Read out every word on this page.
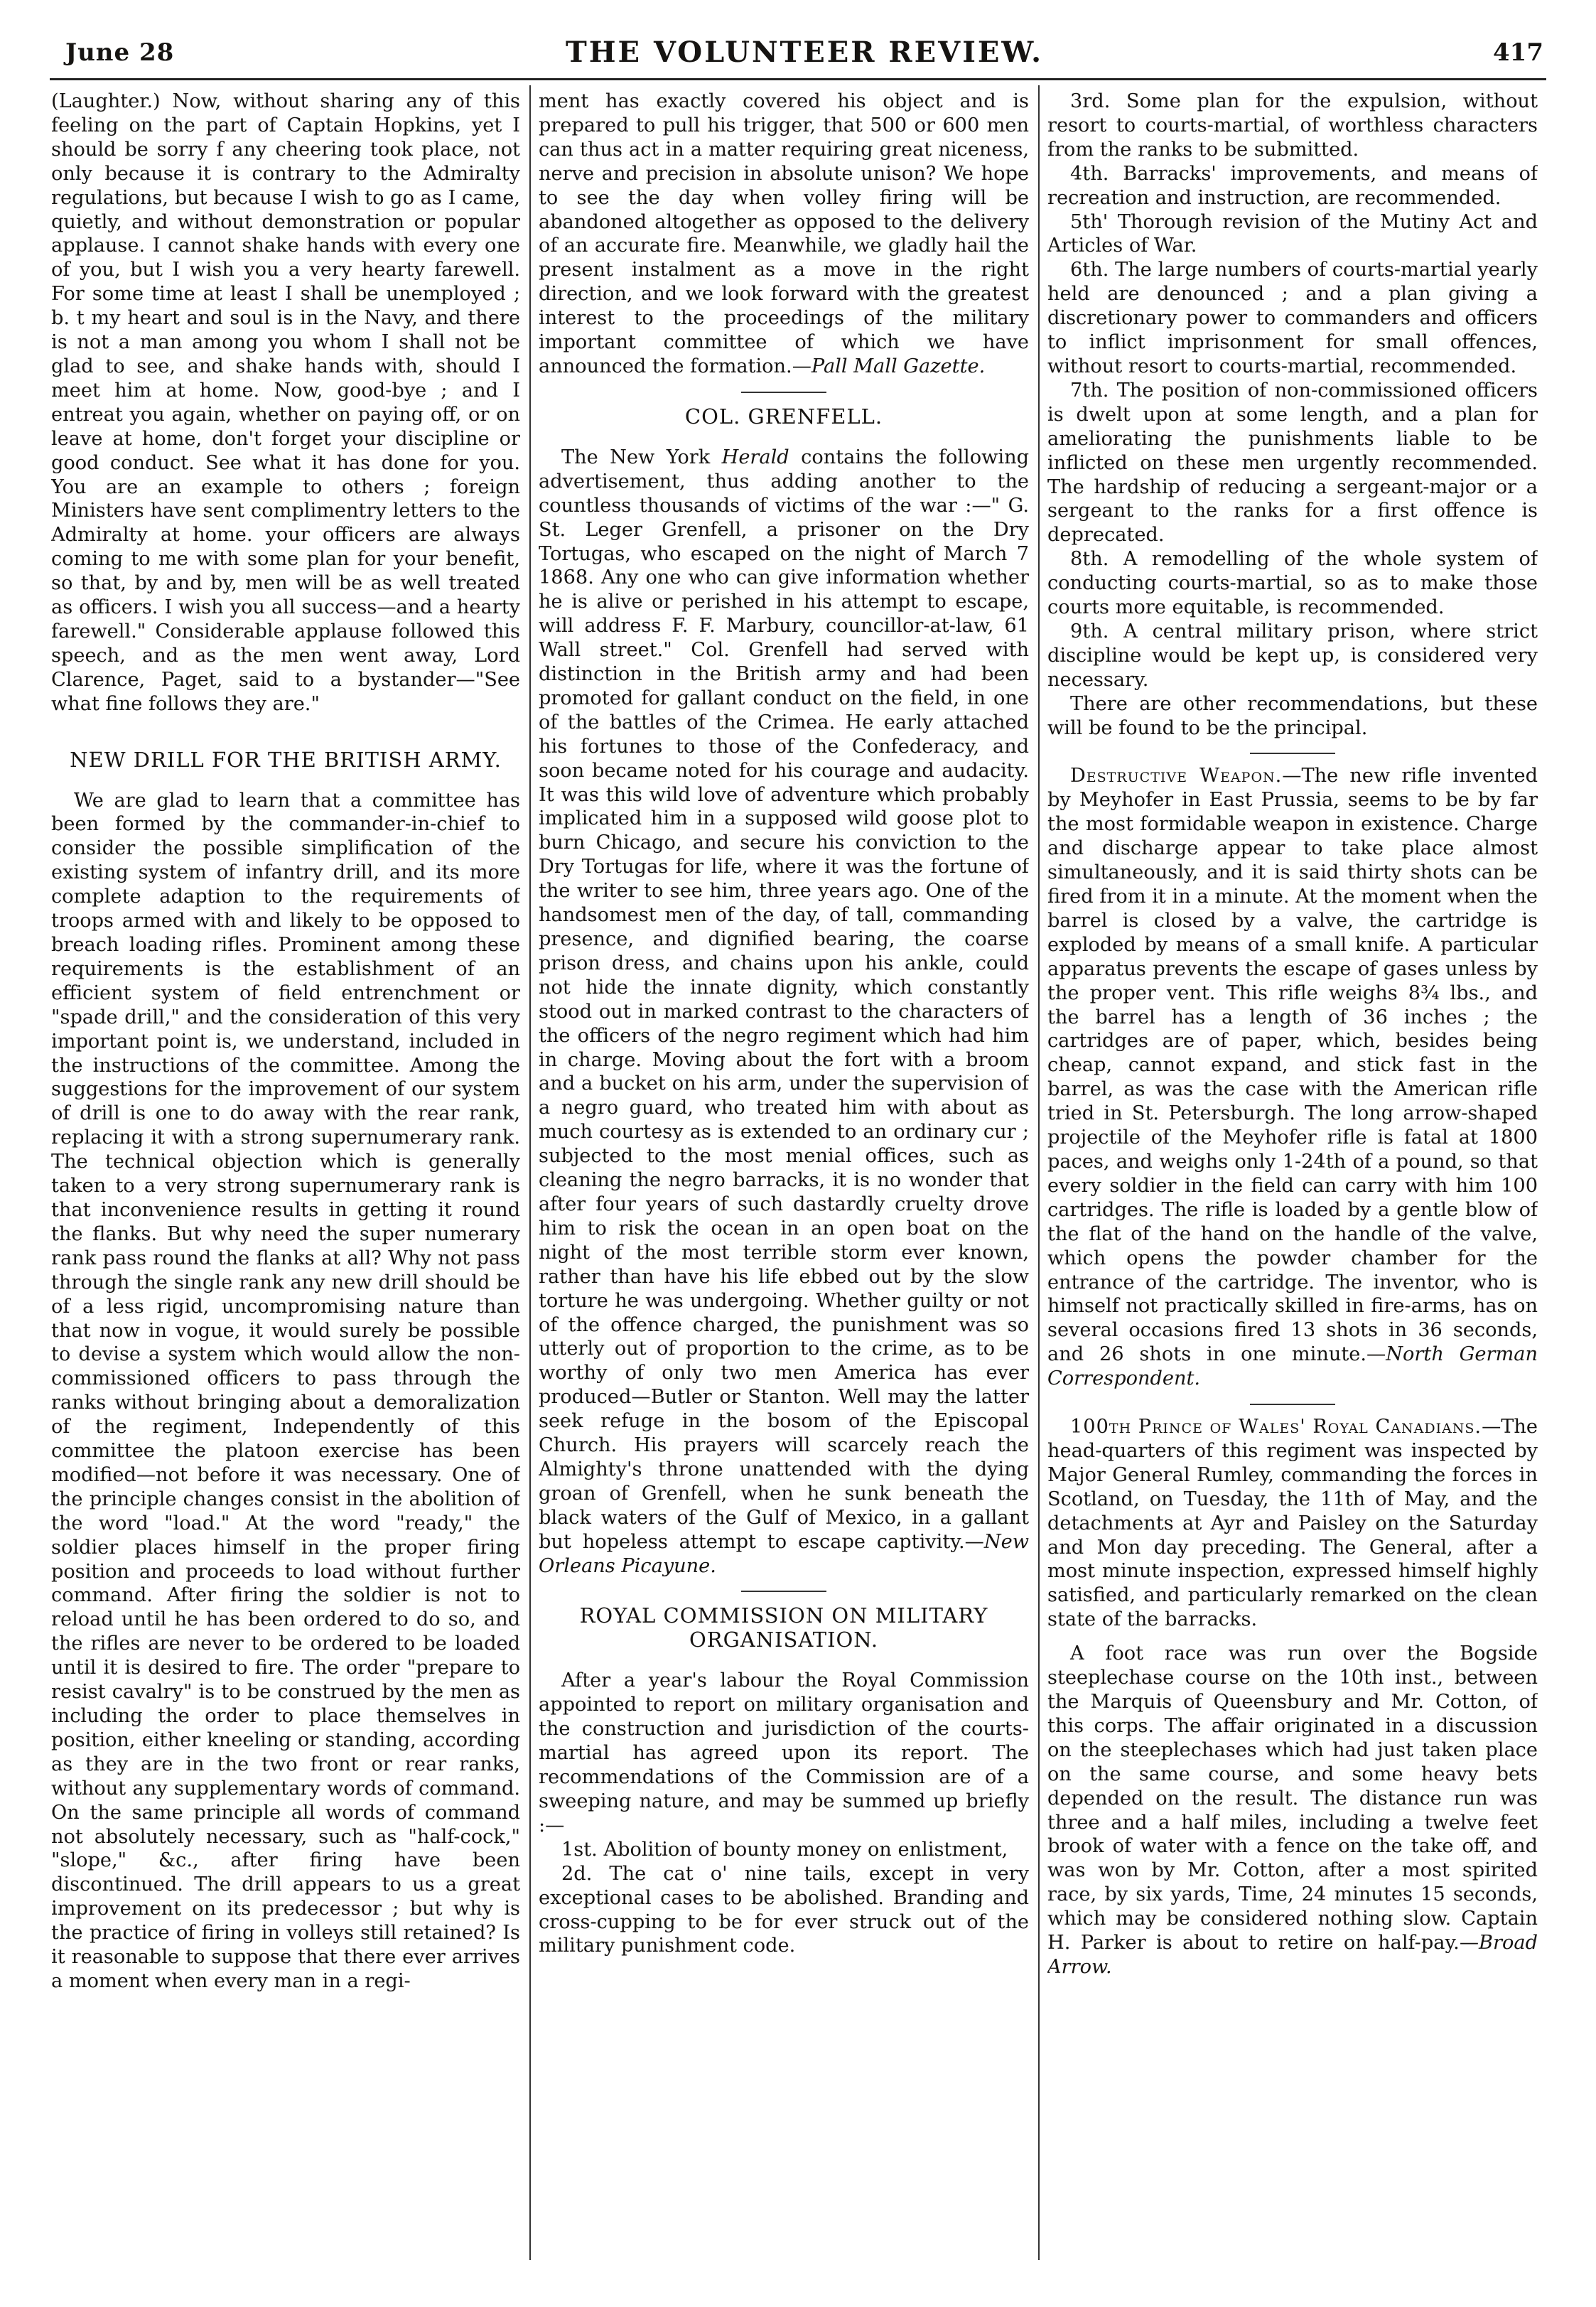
June 28	THE VOLUNTEER REVIEW.	417

(Laughter.) Now, without sharing any of this feeling on the part of Captain Hopkins, yet I should be sorry f any cheering took place, not only because it is contrary to the Admiralty regulations, but because I wish to go as I came, quietly, and without demonstration or popular applause. I cannot shake hands with every one of you, but I wish you a very hearty farewell. For some time at least I shall be unemployed ; b. t my heart and soul is in the Navy, and there is not a man among you whom I shall not be glad to see, and shake hands with, should I meet him at home. Now, good-bye ; and I entreat you again, whether on paying off, or on leave at home, don't forget your discipline or good conduct. See what it has done for you. You are an example to others ; foreign Ministers have sent complimentry letters to the Admiralty at home. your officers are always coming to me with some plan for your benefit, so that, by and by, men will be as well treated as officers. I wish you all success—and a hearty farewell." Considerable applause followed this speech, and as the men went away, Lord Clarence, Paget, said to a bystander—"See what fine follows they are."

NEW DRILL FOR THE BRITISH ARMY.

We are glad to learn that a committee has been formed by the commander-in-chief to consider the possible simplification of the existing system of infantry drill, and its more complete adaption to the requirements of troops armed with and likely to be opposed to breach loading rifles. Prominent among these requirements is the establishment of an efficient system of field entrenchment or "spade drill," and the consideration of this very important point is, we understand, included in the instructions of the committee. Among the suggestions for the improvement of our system of drill is one to do away with the rear rank, replacing it with a strong supernumerary rank. The technical objection which is generally taken to a very strong supernumerary rank is that inconvenience results in getting it round the flanks. But why need the super numerary rank pass round the flanks at all? Why not pass through the single rank any new drill should be of a less rigid, uncompromising nature than that now in vogue, it would surely be possible to devise a system which would allow the non-commissioned officers to pass through the ranks without bringing about a demoralization of the regiment, Independently of this committee the platoon exercise has been modified—not before it was necessary. One of the principle changes consist in the abolition of the word "load." At the word "ready," the soldier places himself in the proper firing position and proceeds to load without further command. After firing the soldier is not to reload until he has been ordered to do so, and the rifles are never to be ordered to be loaded until it is desired to fire. The order "prepare to resist cavalry" is to be construed by the men as including the order to place themselves in position, either kneeling or standing, according as they are in the two front or rear ranks, without any supplementary words of command. On the same principle all words of command not absolutely necessary, such as "half-cock," "slope," &c., after firing have been discontinued. The drill appears to us a great improvement on its predecessor ; but why is the practice of firing in volleys still retained? Is it reasonable to suppose that there ever arrives a moment when every man in a regi-

ment has exactly covered his object and is prepared to pull his trigger, that 500 or 600 men can thus act in a matter requiring great niceness, nerve and precision in absolute unison? We hope to see the day when volley firing will be abandoned altogether as opposed to the delivery of an accurate fire. Meanwhile, we gladly hail the present instalment as a move in the right direction, and we look forward with the greatest interest to the proceedings of the military important committee of which we have announced the formation.—Pall Mall Gazette.

COL. GRENFELL.

The New York Herald contains the following advertisement, thus adding another to the countless thousands of victims of the war :—" G. St. Leger Grenfell, a prisoner on the Dry Tortugas, who escaped on the night of March 7 1868. Any one who can give information whether he is alive or perished in his attempt to escape, will address F. F. Marbury, councillor-at-law, 61 Wall street." Col. Grenfell had served with distinction in the British army and had been promoted for gallant conduct on the field, in one of the battles of the Crimea. He early attached his fortunes to those of the Confederacy, and soon became noted for his courage and audacity. It was this wild love of adventure which probably implicated him in a supposed wild goose plot to burn Chicago, and secure his conviction to the Dry Tortugas for life, where it was the fortune of the writer to see him, three years ago. One of the handsomest men of the day, of tall, commanding presence, and dignified bearing, the coarse prison dress, and chains upon his ankle, could not hide the innate dignity, which constantly stood out in marked contrast to the characters of the officers of the negro regiment which had him in charge. Moving about the fort with a broom and a bucket on his arm, under the supervision of a negro guard, who treated him with about as much courtesy as is extended to an ordinary cur ; subjected to the most menial offices, such as cleaning the negro barracks, it is no wonder that after four years of such dastardly cruelty drove him to risk the ocean in an open boat on the night of the most terrible storm ever known, rather than have his life ebbed out by the slow torture he was undergoing. Whether guilty or not of the offence charged, the punishment was so utterly out of proportion to the crime, as to be worthy of only two men America has ever produced—Butler or Stanton. Well may the latter seek refuge in the bosom of the Episcopal Church. His prayers will scarcely reach the Almighty's throne unattended with the dying groan of Grenfell, when he sunk beneath the black waters of the Gulf of Mexico, in a gallant but hopeless attempt to escape captivity.—New Orleans Picayune.

ROYAL COMMISSION ON MILITARY ORGANISATION.

After a year's labour the Royal Commission appointed to report on military organisation and the construction and jurisdiction of the courts-martial has agreed upon its report. The recommendations of the Commission are of a sweeping nature, and may be summed up briefly :—

1st. Abolition of bounty money on enlistment,

2d. The cat o' nine tails, except in very exceptional cases to be abolished. Branding and cross-cupping to be for ever struck out of the military punishment code.

3rd. Some plan for the expulsion, without resort to courts-martial, of worthless characters from the ranks to be submitted.

4th. Barracks' improvements, and means of recreation and instruction, are recommended.

5th' Thorough revision of the Mutiny Act and Articles of War.

6th. The large numbers of courts-martial yearly held are denounced ; and a plan giving a discretionary power to commanders and officers to inflict imprisonment for small offences, without resort to courts-martial, recommended.

7th. The position of non-commissioned officers is dwelt upon at some length, and a plan for ameliorating the punishments liable to be inflicted on these men urgently recommended. The hardship of reducing a sergeant-major or a sergeant to the ranks for a first offence is deprecated.

8th. A remodelling of the whole system of conducting courts-martial, so as to make those courts more equitable, is recommended.

9th. A central military prison, where strict discipline would be kept up, is considered very necessary.

There are other recommendations, but these will be found to be the principal.

Destructive Weapon.—The new rifle invented by Meyhofer in East Prussia, seems to be by far the most formidable weapon in existence. Charge and discharge appear to take place almost simultaneously, and it is said thirty shots can be fired from it in a minute. At the moment when the barrel is closed by a valve, the cartridge is exploded by means of a small knife. A particular apparatus prevents the escape of gases unless by the proper vent. This rifle weighs 8¾ lbs., and the barrel has a length of 36 inches ; the cartridges are of paper, which, besides being cheap, cannot expand, and stick fast in the barrel, as was the case with the American rifle tried in St. Petersburgh. The long arrow-shaped projectile of the Meyhofer rifle is fatal at 1800 paces, and weighs only 1-24th of a pound, so that every soldier in the field can carry with him 100 cartridges. The rifle is loaded by a gentle blow of the flat of the hand on the handle of the valve, which opens the powder chamber for the entrance of the cartridge. The inventor, who is himself not practically skilled in fire-arms, has on several occasions fired 13 shots in 36 seconds, and 26 shots in one minute.—North German Correspondent.

100th Prince of Wales' Royal Canadians.—The head-quarters of this regiment was inspected by Major General Rumley, commanding the forces in Scotland, on Tuesday, the 11th of May, and the detachments at Ayr and Paisley on the Saturday and Mon day preceding. The General, after a most minute inspection, expressed himself highly satisfied, and particularly remarked on the clean state of the barracks.

A foot race was run over the Bogside steeplechase course on the 10th inst., between the Marquis of Queensbury and Mr. Cotton, of this corps. The affair originated in a discussion on the steeplechases which had just taken place on the same course, and some heavy bets depended on the result. The distance run was three and a half miles, including a twelve feet brook of water with a fence on the take off, and was won by Mr. Cotton, after a most spirited race, by six yards, Time, 24 minutes 15 seconds, which may be considered nothing slow. Captain H. Parker is about to retire on half-pay.—Broad Arrow.
